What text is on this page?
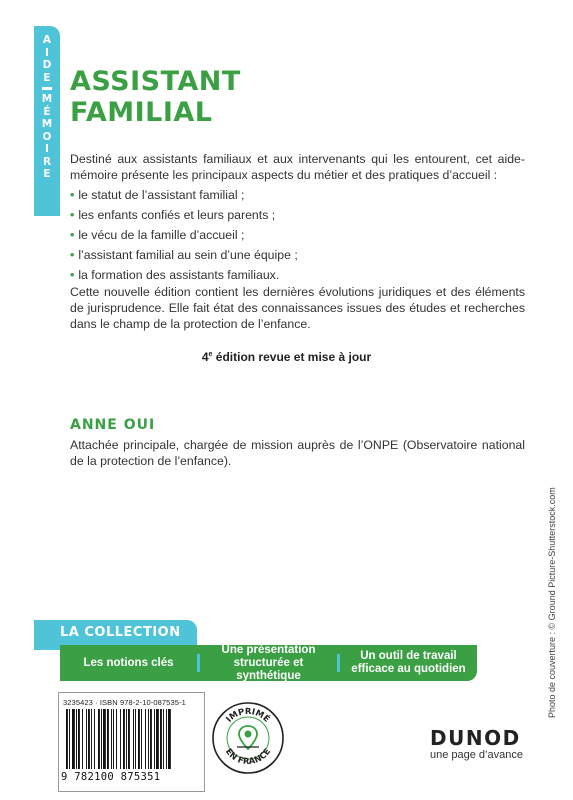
A
I
D
E
M
É
M
O
I
R
E
ASSISTANT
FAMILIAL

Destiné aux assistants familiaux et aux intervenants qui les entourent, cet aide-mémoire présente les principaux aspects du métier et des pratiques d’accueil :

• le statut de l’assistant familial ;
• les enfants confiés et leurs parents ;
• le vécu de la famille d’accueil ;
• l’assistant familial au sein d’une équipe ;
• la formation des assistants familiaux.

Cette nouvelle édition contient les dernières évolutions juridiques et des éléments de jurisprudence. Elle fait état des connaissances issues des études et recherches dans le champ de la protection de l’enfance.

4e édition revue et mise à jour
ANNE OUI

Attachée principale, chargée de mission auprès de l’ONPE (Observatoire national de la protection de l’enfance).

Photo de couverture : © Ground Picture-Shutterstock.com
LA COLLECTION
Les notions clés
Une présentation
structurée et synthétique
Un outil de travail
efficace au quotidien
3235423 · ISBN 978-2-10-087535-1
9 782100 875351
IMPRIMÉ
EN FRANCE
DUNOD
une page d’avance
